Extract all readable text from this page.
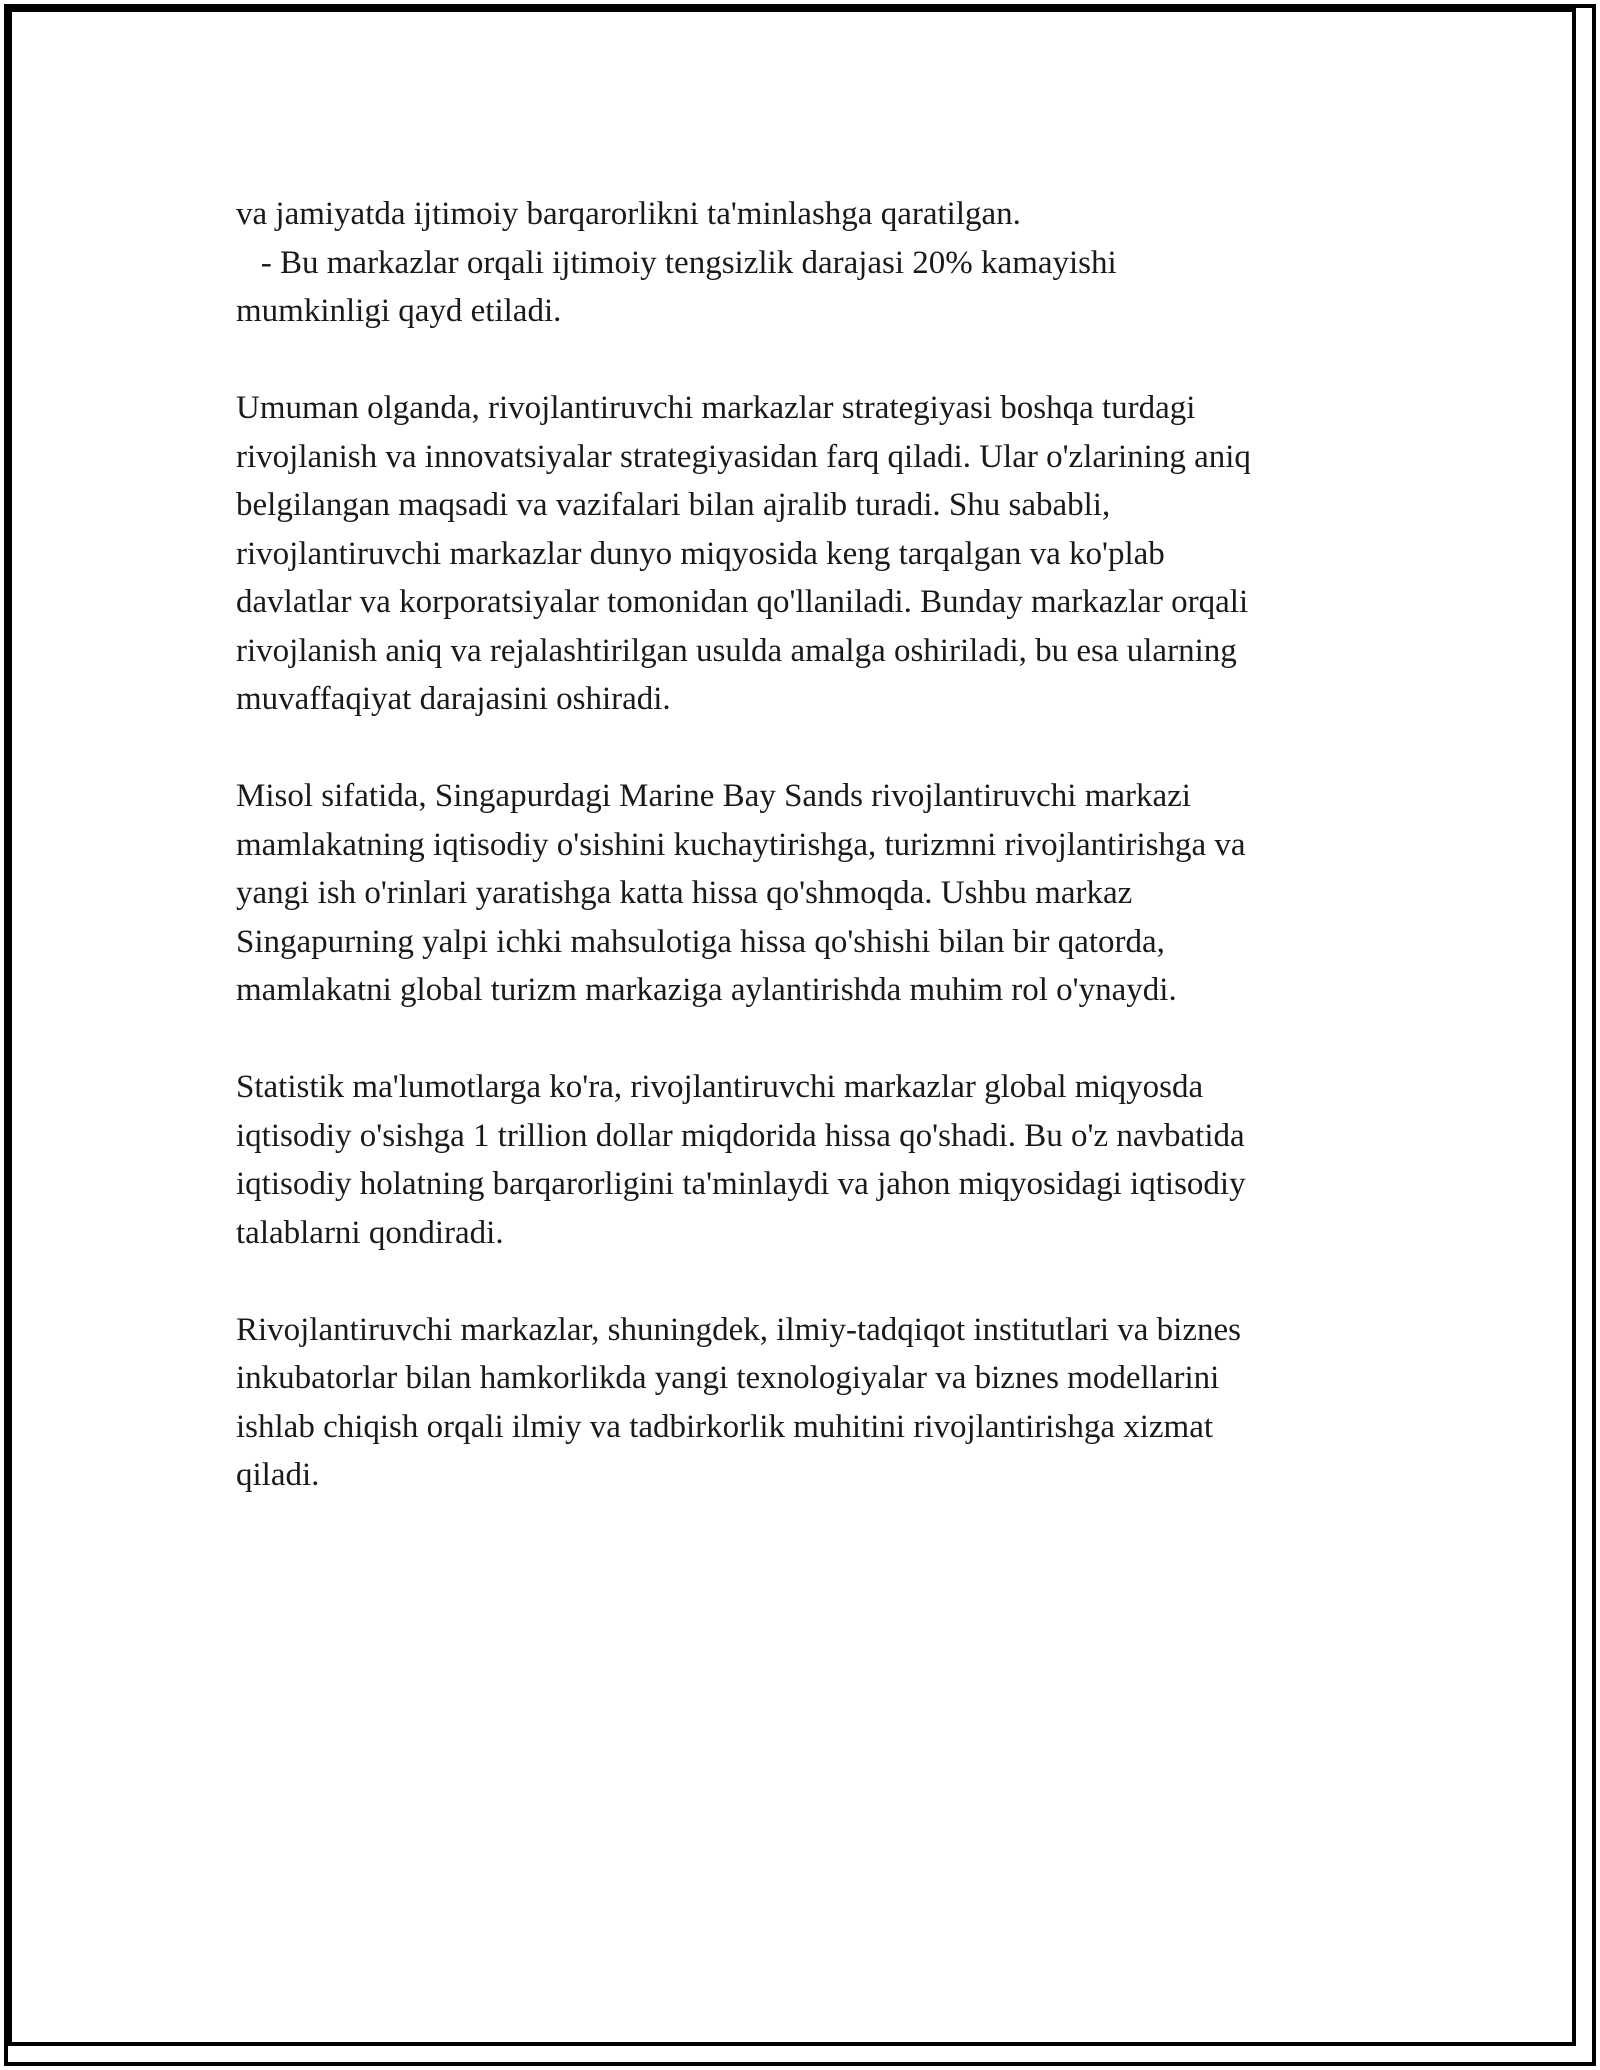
va jamiyatda ijtimoiy barqarorlikni ta'minlashga qaratilgan.

- Bu markazlar orqali ijtimoiy tengsizlik darajasi 20% kamayishi

mumkinligi qayd etiladi.

Umuman olganda, rivojlantiruvchi markazlar strategiyasi boshqa turdagi

rivojlanish va innovatsiyalar strategiyasidan farq qiladi. Ular o'zlarining aniq

belgilangan maqsadi va vazifalari bilan ajralib turadi. Shu sababli,

rivojlantiruvchi markazlar dunyo miqyosida keng tarqalgan va ko'plab

davlatlar va korporatsiyalar tomonidan qo'llaniladi. Bunday markazlar orqali

rivojlanish aniq va rejalashtirilgan usulda amalga oshiriladi, bu esa ularning

muvaffaqiyat darajasini oshiradi.

Misol sifatida, Singapurdagi Marine Bay Sands rivojlantiruvchi markazi

mamlakatning iqtisodiy o'sishini kuchaytirishga, turizmni rivojlantirishga va

yangi ish o'rinlari yaratishga katta hissa qo'shmoqda. Ushbu markaz

Singapurning yalpi ichki mahsulotiga hissa qo'shishi bilan bir qatorda,

mamlakatni global turizm markaziga aylantirishda muhim rol o'ynaydi.

Statistik ma'lumotlarga ko'ra, rivojlantiruvchi markazlar global miqyosda

iqtisodiy o'sishga 1 trillion dollar miqdorida hissa qo'shadi. Bu o'z navbatida

iqtisodiy holatning barqarorligini ta'minlaydi va jahon miqyosidagi iqtisodiy

talablarni qondiradi.

Rivojlantiruvchi markazlar, shuningdek, ilmiy-tadqiqot institutlari va biznes

inkubatorlar bilan hamkorlikda yangi texnologiyalar va biznes modellarini

ishlab chiqish orqali ilmiy va tadbirkorlik muhitini rivojlantirishga xizmat

qiladi.
